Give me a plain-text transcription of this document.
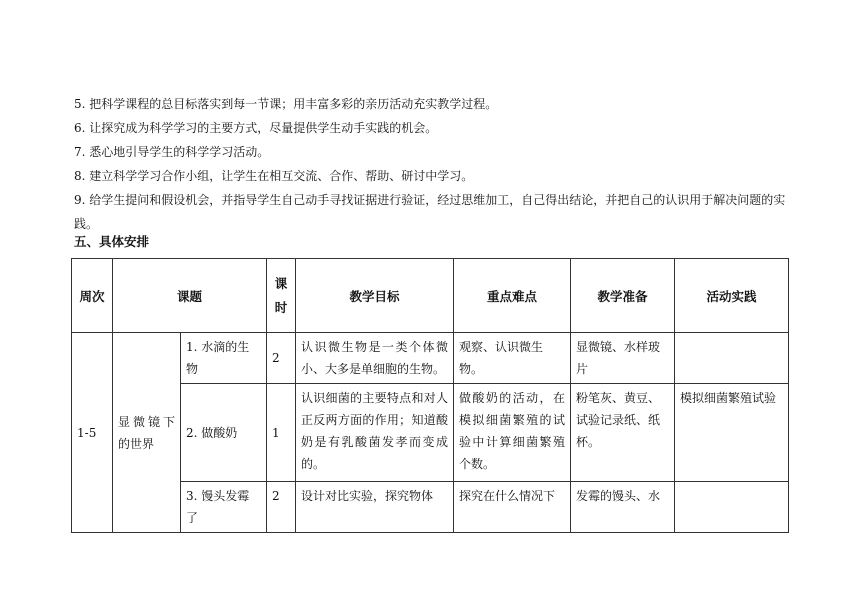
5. 把科学课程的总目标落实到每一节课；用丰富多彩的亲历活动充实教学过程。
6. 让探究成为科学学习的主要方式，尽量提供学生动手实践的机会。
7. 悉心地引导学生的科学学习活动。
8. 建立科学学习合作小组，让学生在相互交流、合作、帮助、研讨中学习。
9. 给学生提问和假设机会，并指导学生自己动手寻找证据进行验证，经过思维加工，自己得出结论，并把自己的认识用于解决问题的实践。
五、具体安排
周次	课题		课时	教学目标	重点难点	教学准备	活动实践

1-5	显微镜下的世界	1. 水滴的生物	2	认识微生物是一类个体微小、大多是单细胞的生物。	观察、认识微生物。	显微镜、水样玻片	

		2. 做酸奶	1	认识细菌的主要特点和对人正反两方面的作用；知道酸奶是有乳酸菌发孝而变成的。	做酸奶的活动，在模拟细菌繁殖的试验中计算细菌繁殖个数。	粉笔灰、黄豆、试验记录纸、纸杯。	模拟细菌繁殖试验

		3. 馒头发霉了	2	设计对比实验，探究物体	探究在什么情况下	发霉的馒头、水	
